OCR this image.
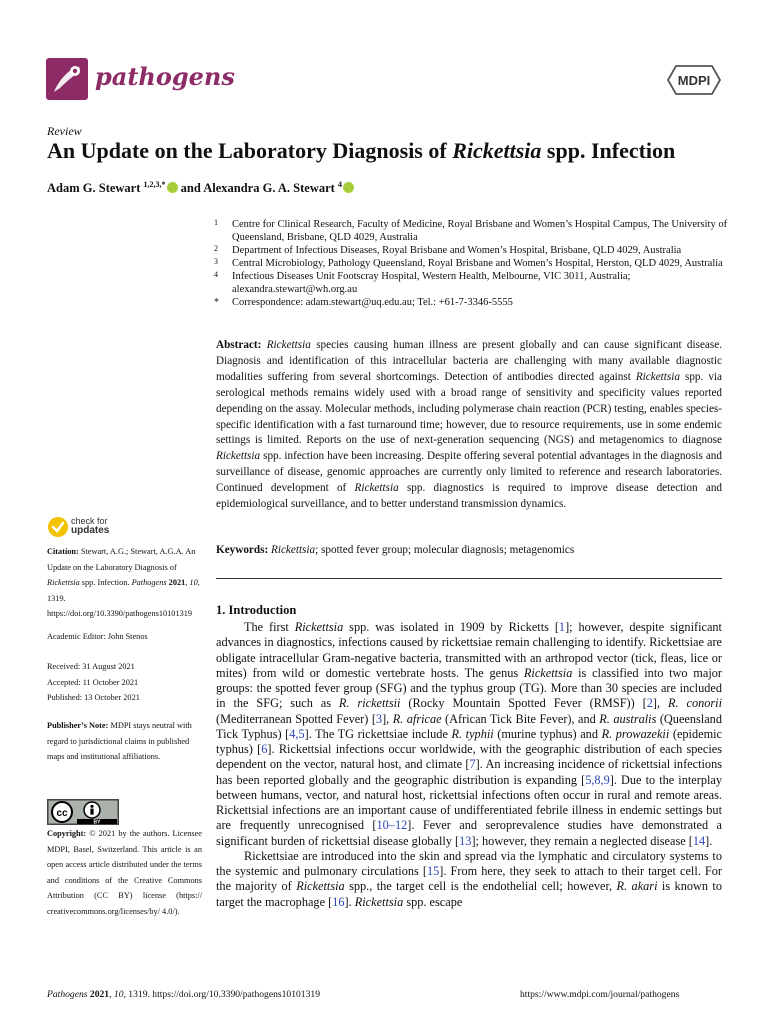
pathogens	MDPI
Review
An Update on the Laboratory Diagnosis of Rickettsia spp. Infection
Adam G. Stewart $^{1,2,3,*}$ and Alexandra G. A. Stewart $^4$
1 Centre for Clinical Research, Faculty of Medicine, Royal Brisbane and Women’s Hospital Campus, The University of Queensland, Brisbane, QLD 4029, Australia
2 Department of Infectious Diseases, Royal Brisbane and Women’s Hospital, Brisbane, QLD 4029, Australia
3 Central Microbiology, Pathology Queensland, Royal Brisbane and Women’s Hospital, Herston, QLD 4029, Australia
4 Infectious Diseases Unit Footscray Hospital, Western Health, Melbourne, VIC 3011, Australia; alexandra.stewart@wh.org.au
* Correspondence: adam.stewart@uq.edu.au; Tel.: +61-7-3346-5555
Abstract: Rickettsia species causing human illness are present globally and can cause significant disease. Diagnosis and identification of this intracellular bacteria are challenging with many available diagnostic modalities suffering from several shortcomings. Detection of antibodies directed against Rickettsia spp. via serological methods remains widely used with a broad range of sensitivity and specificity values reported depending on the assay. Molecular methods, including polymerase chain reaction (PCR) testing, enables species-specific identification with a fast turnaround time; however, due to resource requirements, use in some endemic settings is limited. Reports on the use of next-generation sequencing (NGS) and metagenomics to diagnose Rickettsia spp. infection have been increasing. Despite offering several potential advantages in the diagnosis and surveillance of disease, genomic approaches are currently only limited to reference and research laboratories. Continued development of Rickettsia spp. diagnostics is required to improve disease detection and epidemiological surveillance, and to better understand transmission dynamics.
Keywords: Rickettsia; spotted fever group; molecular diagnosis; metagenomics
check for
updates
Citation: Stewart, A.G.; Stewart, A.G.A. An Update on the Laboratory Diagnosis of Rickettsia spp. Infection. Pathogens 2021, 10, 1319. https://doi.org/10.3390/pathogens10101319
Academic Editor: John Stenos
Received: 31 August 2021
Accepted: 11 October 2021
Published: 13 October 2021
Publisher’s Note: MDPI stays neutral with regard to jurisdictional claims in published maps and institutional affiliations.
cc
BY
Copyright: © 2021 by the authors. Licensee MDPI, Basel, Switzerland. This article is an open access article distributed under the terms and conditions of the Creative Commons Attribution (CC BY) license (https:// creativecommons.org/licenses/by/ 4.0/).
1. Introduction

The first Rickettsia spp. was isolated in 1909 by Ricketts [1]; however, despite significant advances in diagnostics, infections caused by rickettsiae remain challenging to identify. Rickettsiae are obligate intracellular Gram-negative bacteria, transmitted with an arthropod vector (tick, fleas, lice or mites) from wild or domestic vertebrate hosts. The genus Rickettsia is classified into two major groups: the spotted fever group (SFG) and the typhus group (TG). More than 30 species are included in the SFG; such as R. rickettsii (Rocky Mountain Spotted Fever (RMSF)) [2], R. conorii (Mediterranean Spotted Fever) [3], R. africae (African Tick Bite Fever), and R. australis (Queensland Tick Typhus) [4,5]. The TG rickettsiae include R. typhii (murine typhus) and R. prowazekii (epidemic typhus) [6]. Rickettsial infections occur worldwide, with the geographic distribution of each species dependent on the vector, natural host, and climate [7]. An increasing incidence of rickettsial infections has been reported globally and the geographic distribution is expanding [5,8,9]. Due to the interplay between humans, vector, and natural host, rickettsial infections often occur in rural and remote areas. Rickettsial infections are an important cause of undifferentiated febrile illness in endemic settings but are frequently unrecognised [10–12]. Fever and seroprevalence studies have demonstrated a significant burden of rickettsial disease globally [13]; however, they remain a neglected disease [14].

Rickettsiae are introduced into the skin and spread via the lymphatic and circulatory systems to the systemic and pulmonary circulations [15]. From here, they seek to attach to their target cell. For the majority of Rickettsia spp., the target cell is the endothelial cell; however, R. akari is known to target the macrophage [16]. Rickettsia spp. escape

Pathogens 2021, 10, 1319. https://doi.org/10.3390/pathogens10101319	https://www.mdpi.com/journal/pathogens
